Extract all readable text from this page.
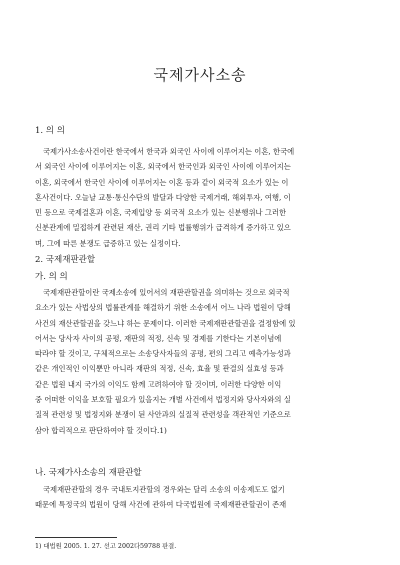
국제가사소송
1. 의 의
국제가사소송사건이란 한국에서 한국과 외국인 사이에 이루어지는 이혼, 한국에
서 외국인 사이에 이루어지는 이혼, 외국에서 한국인과 외국인 사이에 이루어지는
이혼, 외국에서 한국인 사이에 이루어지는 이혼 등과 같이 외국적 요소가 있는 이
혼사건이다. 오늘날 교통·통신수단의 발달과 다양한 국제거래, 해외투자, 여행, 이
민 등으로 국제결혼과 이혼, 국제입양 등 외국적 요소가 있는 신분행위나 그러한
신분관계에 밀접하게 관련된 재산, 권리 기타 법률행위가 급격하게 증가하고 있으
며, 그에 따른 분쟁도 급증하고 있는 실정이다.
2. 국제재판관할
가. 의 의
국제재판관할이란 국제소송에 있어서의 재판관할권을 의미하는 것으로 외국적
요소가 있는 사법상의 법률관계를 해결하기 위한 소송에서 어느 나라 법원이 당해
사건의 재산관할권을 갖느냐 하는 문제이다. 이러한 국제재판관할권을 결정함에 있
어서는 당사자 사이의 공평, 재판의 적정, 신속 및 경제를 기한다는 기본이념에
따라야 할 것이고, 구체적으로는 소송당사자들의 공평, 편의 그리고 예측가능성과
같은 개인적인 이익뿐만 아니라 재판의 적정, 신속, 효율 및 판결의 실효성 등과
같은 법원 내지 국가의 이익도 함께 고려하여야 할 것이며, 이러한 다양한 이익
중 어떠한 이익을 보호할 필요가 있을지는 개별 사건에서 법정지와 당사자와의 실
질적 관련성 및 법정지와 분쟁이 된 사안과의 실질적 관련성을 객관적인 기준으로
삼아 합리적으로 판단하여야 할 것이다.1)
나. 국제가사소송의 재판관할
국제재판관할의 경우 국내토지관할의 경우와는 달리 소송의 이송제도도 없기
때문에 특정국의 법원이 당해 사건에 관하여 다국법원에 국제재판관할권이 존재
1) 대법원 2005. 1. 27. 선고 2002다59788 판결.
